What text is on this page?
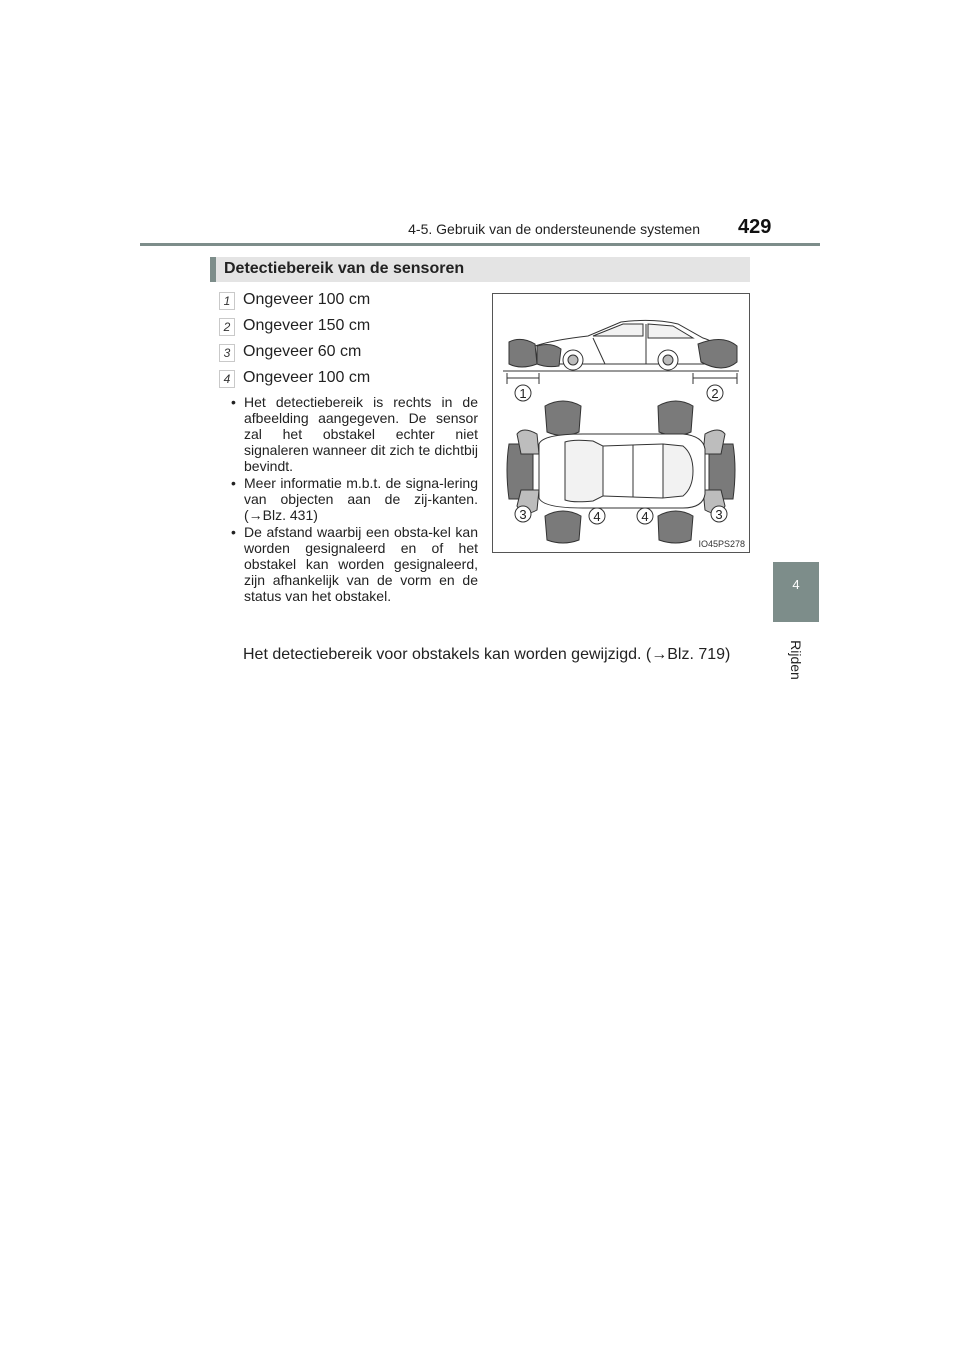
4-5. Gebruik van de ondersteunende systemen 429
4
Rijden
Detectiebereik van de sensoren
1 Ongeveer 100 cm
2 Ongeveer 150 cm
3 Ongeveer 60 cm
4 Ongeveer 100 cm
• Het detectiebereik is rechts in de afbeelding aangegeven. De sensor zal het obstakel echter niet signaleren wanneer dit zich te dichtbij bevindt.
• Meer informatie m.b.t. de signa-lering van objecten aan de zij-kanten. (→Blz. 431)
• De afstand waarbij een obsta-kel kan worden gesignaleerd en of het obstakel kan worden gesignaleerd, zijn afhankelijk van de vorm en de status van het obstakel.
Het detectiebereik voor obstakels kan worden gewijzigd. (→Blz. 719)
1	2
3	4	4	3
IO45PS278
